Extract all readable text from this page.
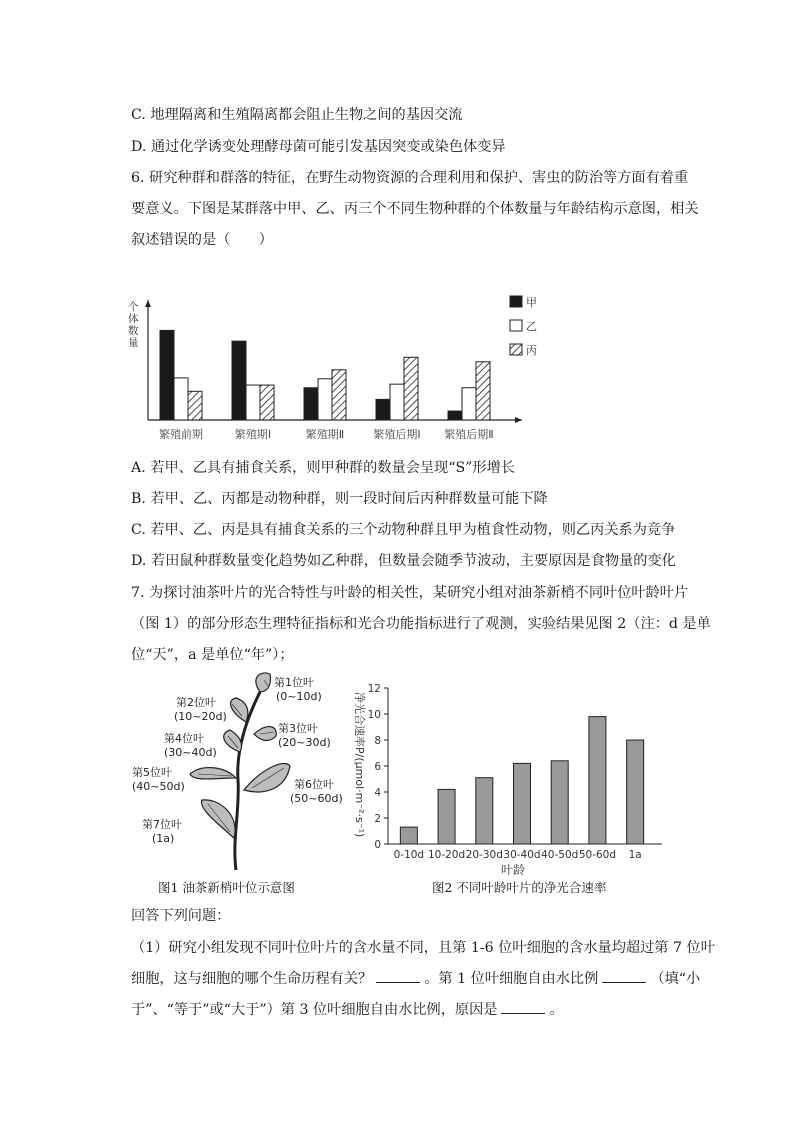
C. 地理隔离和生殖隔离都会阻止生物之间的基因交流
D. 通过化学诱变处理酵母菌可能引发基因突变或染色体变异
6. 研究种群和群落的特征，在野生动物资源的合理利用和保护、害虫的防治等方面有着重
要意义。下图是某群落中甲、乙、丙三个不同生物种群的个体数量与年龄结构示意图，相关
叙述错误的是（　　）
个
体
数
量
繁殖前期	繁殖期Ⅰ	繁殖期Ⅱ	繁殖后期Ⅰ 繁殖后期Ⅱ
甲
乙
丙
A. 若甲、乙具有捕食关系，则甲种群的数量会呈现“S”形增长
B. 若甲、乙、丙都是动物种群，则一段时间后丙种群数量可能下降
C. 若甲、乙、丙是具有捕食关系的三个动物种群且甲为植食性动物，则乙丙关系为竞争
D. 若田鼠种群数量变化趋势如乙种群，但数量会随季节波动，主要原因是食物量的变化
7. 为探讨油茶叶片的光合特性与叶龄的相关性，某研究小组对油茶新梢不同叶位叶龄叶片
（图 1）的部分形态生理特征指标和光合功能指标进行了观测，实验结果见图 2（注：d 是单
位“天”，a 是单位“年”）；
第1位叶
(0~10d)
第2位叶
(10~20d)
第3位叶
(20~30d)
第4位叶
(30~40d)
第5位叶
(40~50d)	第6位叶
(50~60d)
第7位叶
(1a)
图1 油茶新梢叶位示意图
0
2
4
6
8
10
12
净光合速率P/(μmol·m⁻²·s⁻¹)
0-10d 10-20d 20-30d 30-40d 40-50d 50-60d 1a
叶龄
图2 不同叶龄叶片的净光合速率
回答下列问题：
（1）研究小组发现不同叶位叶片的含水量不同，且第 1-6 位叶细胞的含水量均超过第 7 位叶
细胞，这与细胞的哪个生命历程有关？	。第 1 位叶细胞自由水比例	（填“小
于”、“等于”或“大于”）第 3 位叶细胞自由水比例，原因是	。
